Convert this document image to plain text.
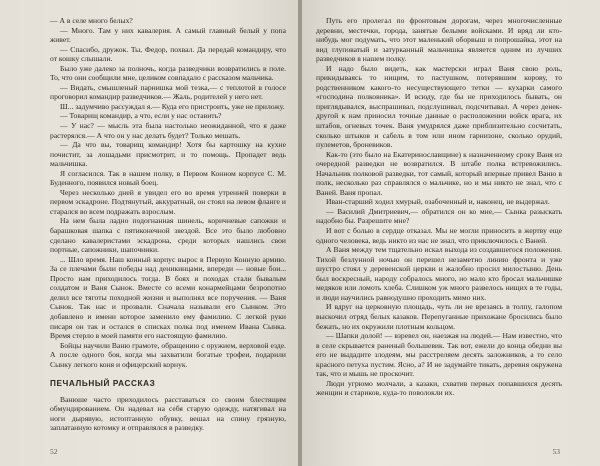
— А в селе много белых?

— Много. Там у них кавалерия. А самый главный белый у попа живет.

— Спасибо, дружок. Ты, Федор, похвал. Да передай командиру, что от кошку слышали.

Было уже далеко за полночь, когда разведчики возвратились в поле. То, что они сообщили мне, целиком совпадало с рассказом мальчика.

— Видать, смышленый парнишка мой тезка,— с теплотой в голосе проговорил командир разведчиков.— Жаль, родителей у него нет.

Ш... задумчиво рассуждал я.— Куда его пристроить, уже не приложу.

— Товарищ командир, а что, если у нас оставить?

— У нас? — мысль эта была настолько неожиданной, что я даже растерялся.— А что он у нас делать будет? Только мешать.

— Да что вы, товарищ командир! Хотя бы картошку на кухне почистит, за лошадьми присмотрит, и то помощь. Пропадет ведь мальчишка.

Я согласился. Так в нашем полку, в Первом Конном корпусе С. М. Буденного, появился новый боец.

Через несколько дней я увидел его во время утренней поверки в первом эскадроне. Подтянутый, аккуратный, он стоял на левом фланге и старался во всем подражать взрослым.

На нем была ладно подогнанная шинель, коричневые сапожки и барашковая шапка с пятиконечной звездой. Все это было любовно сделано кавалеристами эскадрона, среди которых нашлись свои портные, сапожники, шапочники.

... Шло время. Наш конный корпус вырос в Первую Конную армию. За се плечами были победы над деникинцами, впереди — новые бои... Просто нам приходилось тогда. В боях и походах стали бывалым солдатом и Ваня Сынок. Вместе со всеми конармейцами безропотно делил все тяготы походной жизни и выполнял все поручения. — Ваня Сынок. Так нас и прозвали. Сначала называли его Сынком. Это добавлено и имени которое заменило ему фамилию. С легкой руки писаря он так и остался в списках полка под именем Ивана Сынка. Время стерло в моей памяти его настоящую фамилию.

Бойцы научили Ваню грамоте, обращению с оружием, верховой езде. А после одного боя, когда мы захватили богатые трофеи, подарили Сынку легкого коня и офицерский корнук.

ПЕЧАЛЬНЫЙ РАССКАЗ

Ванюше часто приходилось расставаться со своим блестящим обмундированием. Он надевал на себя старую одежду, натягивал на ноги дырявую, истоптанную обувку, вешал на спину грязную, заплатанную котомку и отправлялся в разведку.

52

Путь его пролегал по фронтовым дорогам, через многочисленные деревни, местечки, города, занятые белыми войсками. И вряд ли кто-нибудь мог подумать, что этот маленький оборвыш и попрошайка, этот на вид глуповатый и затурканный мальчишка является одним из лучших разведчиков в нашем полку.

И надо было видеть, как мастерски играл Ваня свою роль, прикидываясь то нищим, то пастушком, потерявшим корову, то родственником какого-то несуществующего тетки — кухарки самого «господина полковника». И всюду, где бы не приходилось бывать, он приглядывался, выспрашивал, подслушивал, подсчитывал. А через денек-другой к нам приносил точные данные о расположении войск врага, их штабов, огневых точек. Ваня умудрялся даже приблизительно сосчитать, сколько штыков и сабель в том или ином гарнизоне, сколько орудий, пулеметов, броневиков.

Как-то (это было на Екатеринославщине) к назначенному сроку Ваня из очередной разведки не возвратился. В штабе полка встревожились. Начальник полковой разведки, тот самый, который впервые привел Ваню в полк, несколько раз справлялся о мальчике, но и мы никто не знал, что с Ваней. Ваня пропал.

Иван-старший ходил хмурый, озабоченный и, наконец, не выдержал.

— Василий Дмитриевич,— обратился он ко мне,— Сынка разыскать надобно бы. Разрешите мне?

И вот с болью в сердце отказал. Мы не могли приносить в жертву еще одного человека, ведь никто из нас не знал, что приключилось с Ваней.

А Ваня между тем тщательно искал выхода из создавшегося положения. Тихой безлунной ночью он перешел незаметно линию фронта и уже шустро стоял у деревенской церкви и жалобно просил милостыню. День был воскресный, народу собралось много, но мало кто бросал мальчишке медяков или ломоть хлеба. Слишком уж много развелось нищих в те годы, и люди научились равнодушно проходить мимо них.

И вдруг на церковную площадь, чуть ли не врезаясь в толпу, галопом выскочил отряд белых казаков. Перепуганные прихожане бросились было бежать, но их окружили плотным кольцом.

— Шапки долой! — взревел он, наезжая на людей.— Нам известно, что в селе скрывается раненый большевик. Так вот, ежели до конца обедни вы его не выдадите злодеям, мы расстреляем десять заложников, а то село красного петуха пустим. Ясно, а? И не задумайте тикать, деревня окружена так, что и мышь не проскочит.

Люди угрюмо молчали, а казаки, схватив первых попавшихся десять женщин и стариков, куда-то поволокли их.

53
